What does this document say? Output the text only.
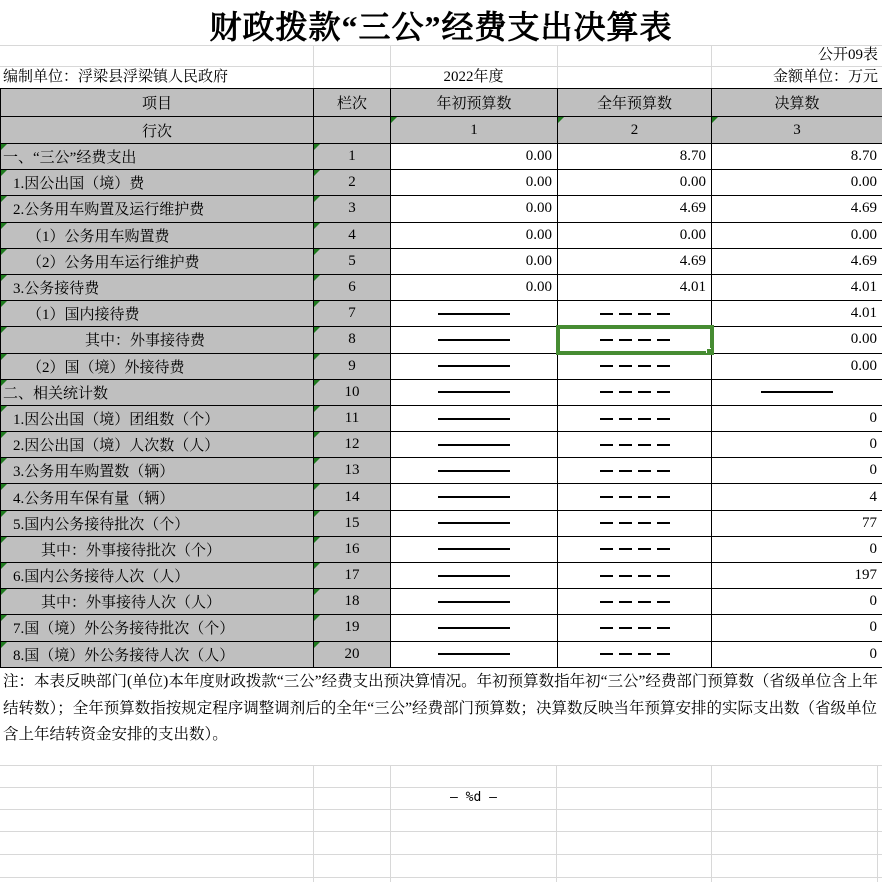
财政拨款“三公”经费支出决算表
公开09表
编制单位：浮梁县浮梁镇人民政府	2022年度	金额单位：万元
项目	栏次	年初预算数	全年预算数	决算数
行次		1	2	3

一、“三公”经费支出	1	0.00	8.70	8.70

1.因公出国（境）费	2	0.00	0.00	0.00

2.公务用车购置及运行维护费	3	0.00	4.69	4.69

（1）公务用车购置费	4	0.00	0.00	0.00

（2）公务用车运行维护费	5	0.00	4.69	4.69

3.公务接待费	6	0.00	4.01	4.01

（1）国内接待费	7			4.01

其中：外事接待费	8			0.00

（2）国（境）外接待费	9			0.00

二、相关统计数	10			

1.因公出国（境）团组数（个）	11			0

2.因公出国（境）人次数（人）	12			0

3.公务用车购置数（辆）	13			0

4.公务用车保有量（辆）	14			4

5.国内公务接待批次（个）	15			77

其中：外事接待批次（个）	16			0

6.国内公务接待人次（人）	17			197

其中：外事接待人次（人）	18			0

7.国（境）外公务接待批次（个）	19			0

8.国（境）外公务接待人次（人）	20			0
注：本表反映部门(单位)本年度财政拨款“三公”经费支出预决算情况。年初预算数指年初“三公”经费部门预算数（省级单位含上年结转数）；全年预算数指按规定程序调整调剂后的全年“三公”经费部门预算数；决算数反映当年预算安排的实际支出数（省级单位含上年结转资金安排的支出数）。
— %d —
